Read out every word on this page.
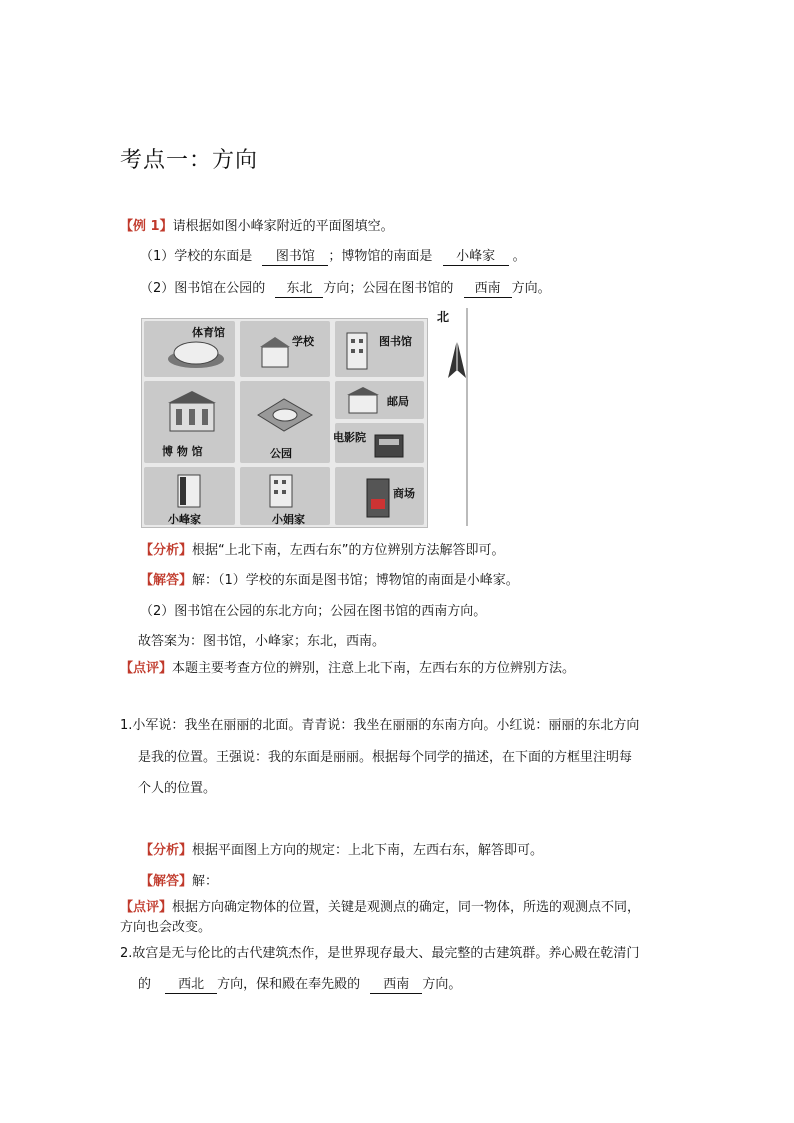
考点一：方向
【例 1】请根据如图小峰家附近的平面图填空。
（1）学校的东面是 图书馆 ；博物馆的南面是 小峰家 。
（2）图书馆在公园的 东北 方向；公园在图书馆的 西南 方向。
体育馆
学校	图书馆
博 物 馆	公园
邮局
电影院
小峰家	小娟家
商场
北
【分析】根据“上北下南，左西右东”的方位辨别方法解答即可。
【解答】解：（1）学校的东面是图书馆；博物馆的南面是小峰家。
（2）图书馆在公园的东北方向；公园在图书馆的西南方向。
故答案为：图书馆，小峰家；东北，西南。
【点评】本题主要考查方位的辨别，注意上北下南，左西右东的方位辨别方法。
1.小军说：我坐在丽丽的北面。青青说：我坐在丽丽的东南方向。小红说：丽丽的东北方向
是我的位置。王强说：我的东面是丽丽。根据每个同学的描述，在下面的方框里注明每
个人的位置。
【分析】根据平面图上方向的规定：上北下南，左西右东，解答即可。
【解答】解：
【点评】根据方向确定物体的位置，关键是观测点的确定，同一物体，所选的观测点不同，
方向也会改变。
2.故宫是无与伦比的古代建筑杰作，是世界现存最大、最完整的古建筑群。养心殿在乾清门
的 西北 方向，保和殿在奉先殿的 西南 方向。
